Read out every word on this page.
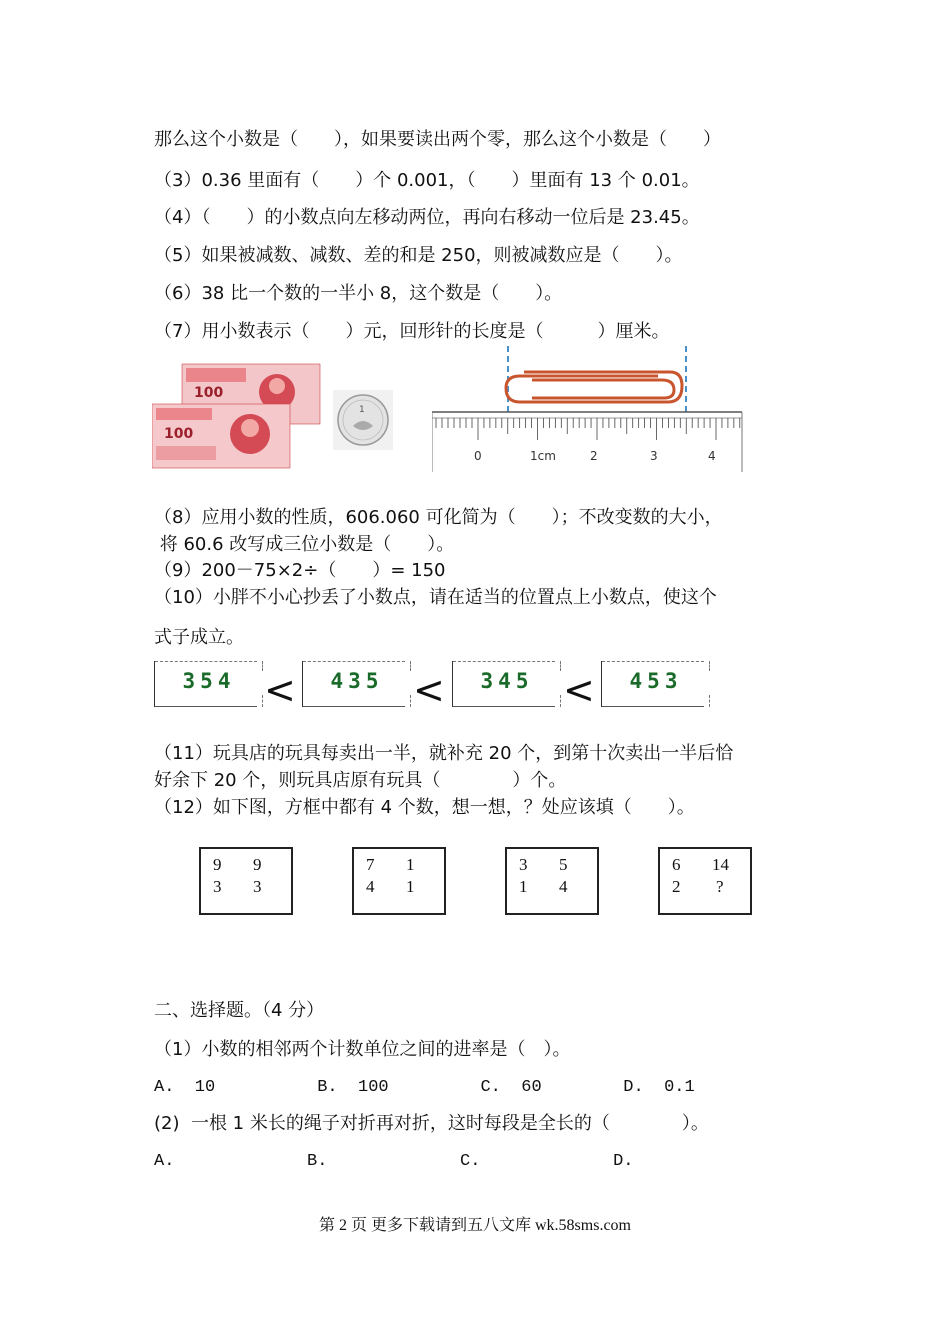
那么这个小数是（　　），如果要读出两个零，那么这个小数是（　　）
（3）0.36 里面有（　　）个 0.001，（　　）里面有 13 个 0.01。
（4）（　　）的小数点向左移动两位，再向右移动一位后是 23.45。
（5）如果被减数、减数、差的和是 250，则被减数应是（　　）。
（6）38 比一个数的一半小 8，这个数是（　　）。
（7）用小数表示（　　）元，回形针的长度是（　　　）厘米。
100
100
1
0	1cm	2	3	4
（8）应用小数的性质，606.060 可化简为（　　）；不改变数的大小，
将 60.6 改写成三位小数是（　　）。
（9）200－75×2÷（　　）= 150
（10）小胖不小心抄丢了小数点，请在适当的位置点上小数点，使这个
式子成立。
354 <	435 <	345 <	453
（11）玩具店的玩具每卖出一半，就补充 20 个，到第十次卖出一半后恰
好余下 20 个，则玩具店原有玩具（　　　　）个。
（12）如下图，方框中都有 4 个数，想一想，？处应该填（　　）。
9 9
3 3
7 1
4 1
3 5
1 4
6 14
2 ?
二、选择题。（4 分）
（1）小数的相邻两个计数单位之间的进率是（　）。
A.  10          B.  100         C.  60        D.  0.1
(2)  一根 1 米长的绳子对折再对折，这时每段是全长的（　　　　）。
A.             B.             C.             D.
第 2 页 更多下载请到五八文库 wk.58sms.com
